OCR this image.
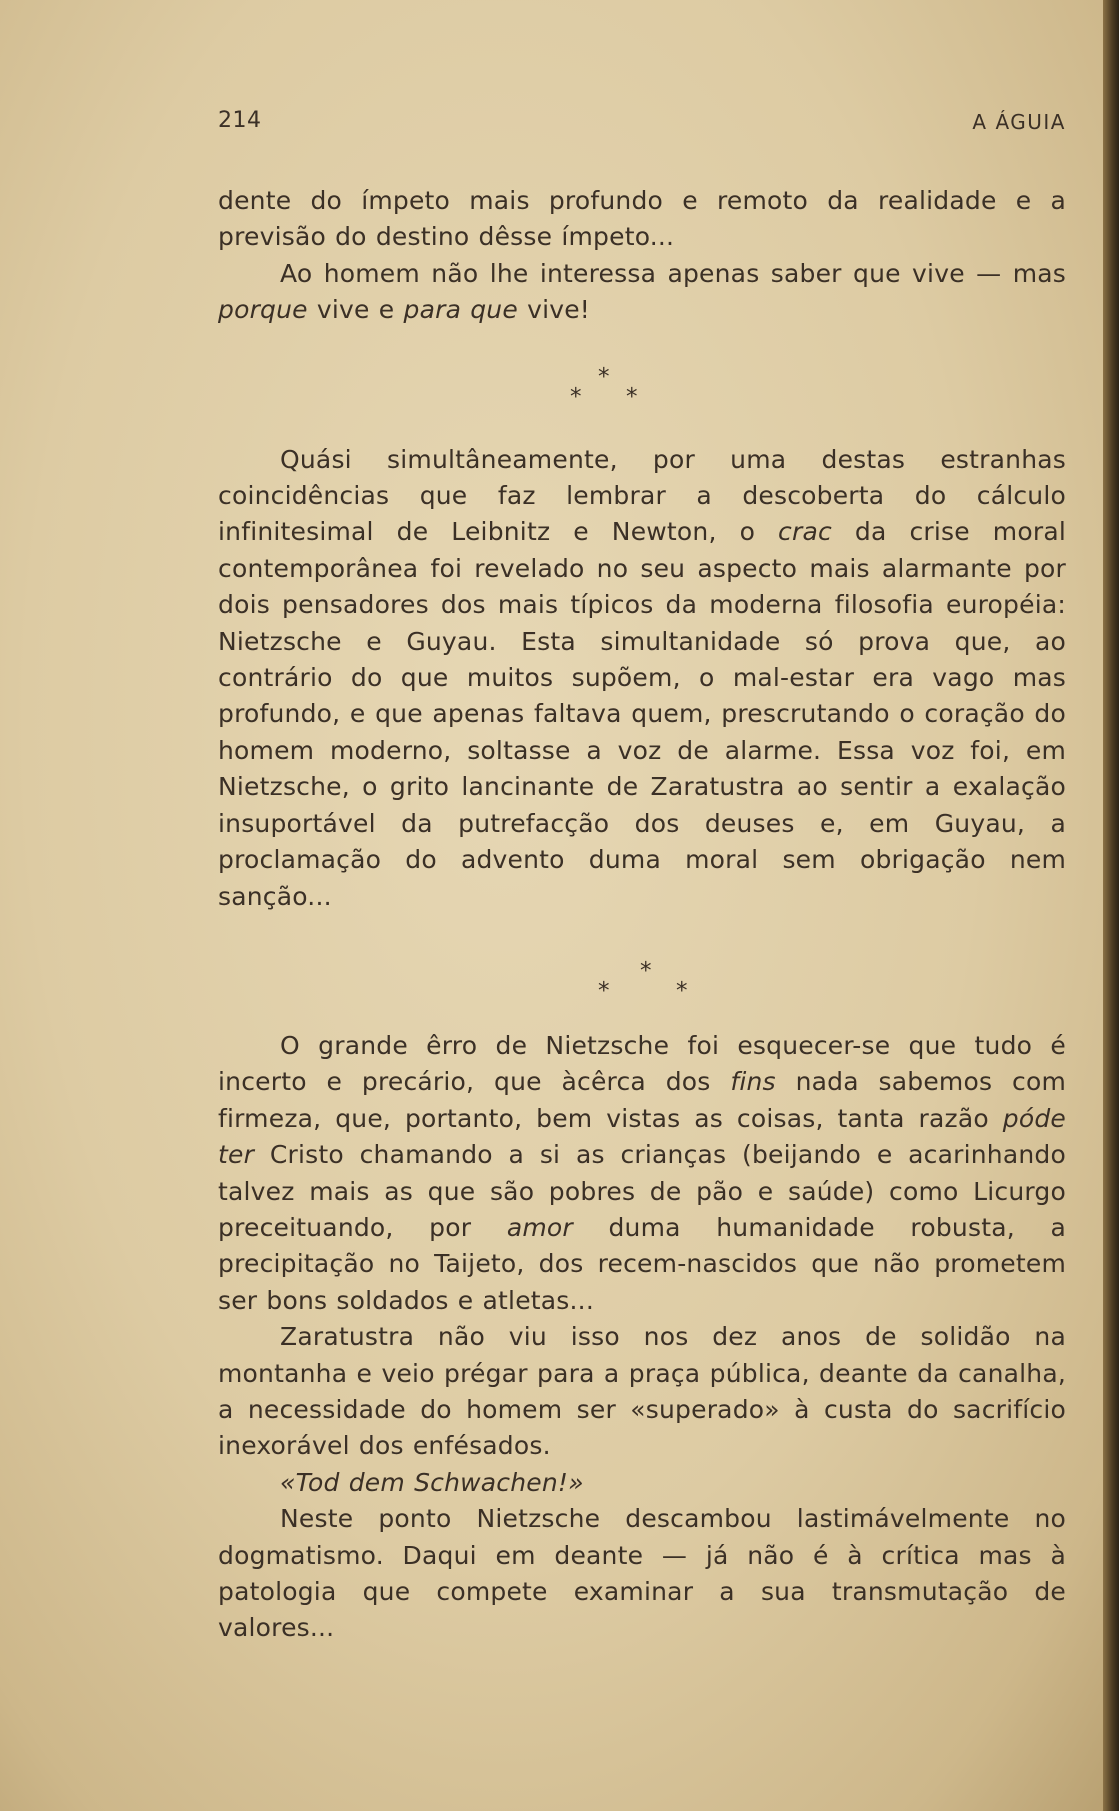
214	A ÁGUIA

dente do ímpeto mais profundo e remoto da realidade e a previsão do destino dêsse ímpeto...

Ao homem não lhe interessa apenas saber que vive — mas porque vive e para que vive!

*
* *

Quási simultâneamente, por uma destas estranhas coincidências que faz lembrar a descoberta do cálculo infinitesimal de Leibnitz e Newton, o crac da crise moral contemporânea foi revelado no seu aspecto mais alarmante por dois pensadores dos mais típicos da moderna filosofia européia: Nietzsche e Guyau. Esta simultanidade só prova que, ao contrário do que muitos supõem, o mal-estar era vago mas profundo, e que apenas faltava quem, prescrutando o coração do homem moderno, soltasse a voz de alarme. Essa voz foi, em Nietzsche, o grito lancinante de Zaratustra ao sentir a exalação insuportável da putrefacção dos deuses e, em Guyau, a proclamação do advento duma moral sem obrigação nem sanção...

*
*	*

O grande êrro de Nietzsche foi esquecer-se que tudo é incerto e precário, que àcêrca dos fins nada sabemos com firmeza, que, portanto, bem vistas as coisas, tanta razão póde ter Cristo chamando a si as crianças (beijando e acarinhando talvez mais as que são pobres de pão e saúde) como Licurgo preceituando, por amor duma humanidade robusta, a precipitação no Taijeto, dos recem-nascidos que não prometem ser bons soldados e atletas...

Zaratustra não viu isso nos dez anos de solidão na montanha e veio prégar para a praça pública, deante da canalha, a necessidade do homem ser «superado» à custa do sacrifício inexorável dos enfésados.

«Tod dem Schwachen!»

Neste ponto Nietzsche descambou lastimávelmente no dogmatismo. Daqui em deante — já não é à crítica mas à patologia que compete examinar a sua transmutação de valores...
